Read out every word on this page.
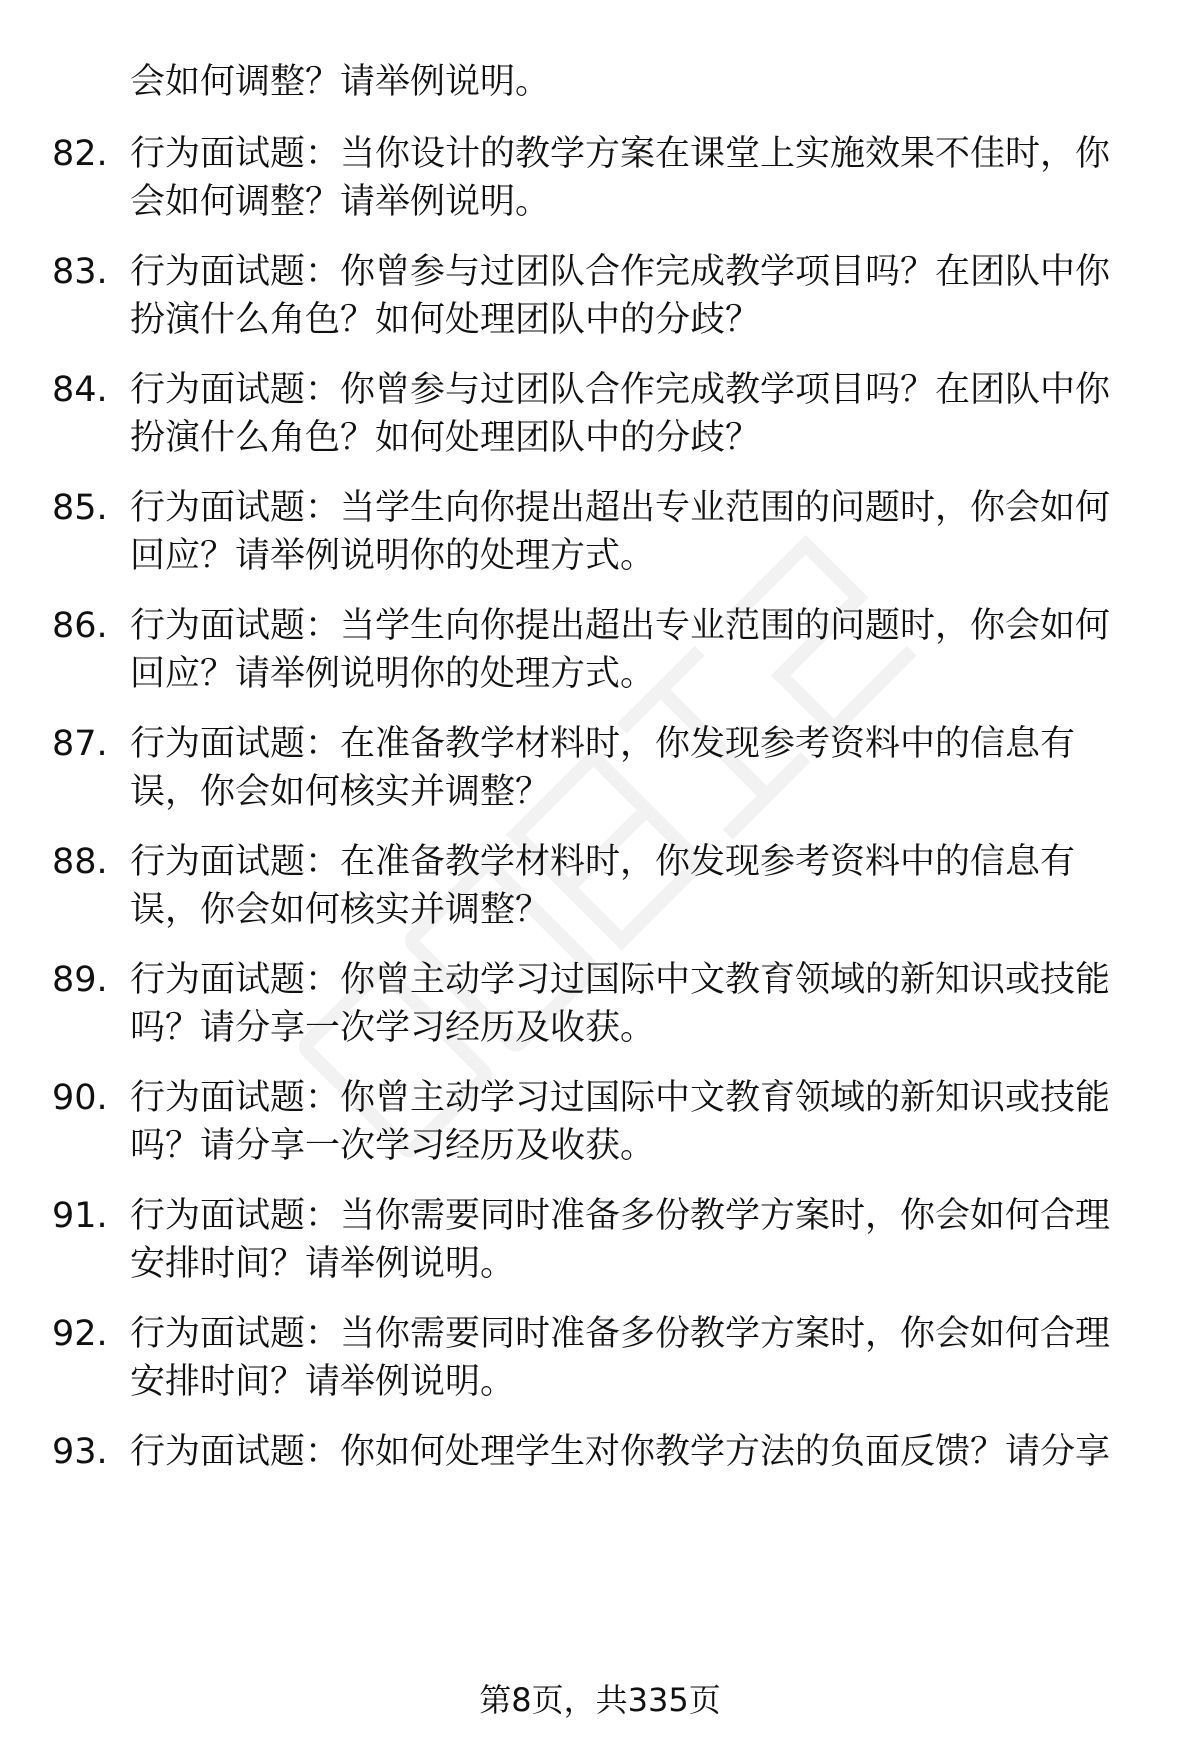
会如何调整？请举例说明。
82. 行为面试题：当你设计的教学方案在课堂上实施效果不佳时，你
会如何调整？请举例说明。
83. 行为面试题：你曾参与过团队合作完成教学项目吗？在团队中你
扮演什么角色？如何处理团队中的分歧？
84. 行为面试题：你曾参与过团队合作完成教学项目吗？在团队中你
扮演什么角色？如何处理团队中的分歧？
85. 行为面试题：当学生向你提出超出专业范围的问题时，你会如何
回应？请举例说明你的处理方式。
86. 行为面试题：当学生向你提出超出专业范围的问题时，你会如何
回应？请举例说明你的处理方式。
87. 行为面试题：在准备教学材料时，你发现参考资料中的信息有
误，你会如何核实并调整？
88. 行为面试题：在准备教学材料时，你发现参考资料中的信息有
误，你会如何核实并调整？
89. 行为面试题：你曾主动学习过国际中文教育领域的新知识或技能
吗？请分享一次学习经历及收获。
90. 行为面试题：你曾主动学习过国际中文教育领域的新知识或技能
吗？请分享一次学习经历及收获。
91. 行为面试题：当你需要同时准备多份教学方案时，你会如何合理
安排时间？请举例说明。
92. 行为面试题：当你需要同时准备多份教学方案时，你会如何合理
安排时间？请举例说明。
93. 行为面试题：你如何处理学生对你教学方法的负面反馈？请分享
第8页，共335页
